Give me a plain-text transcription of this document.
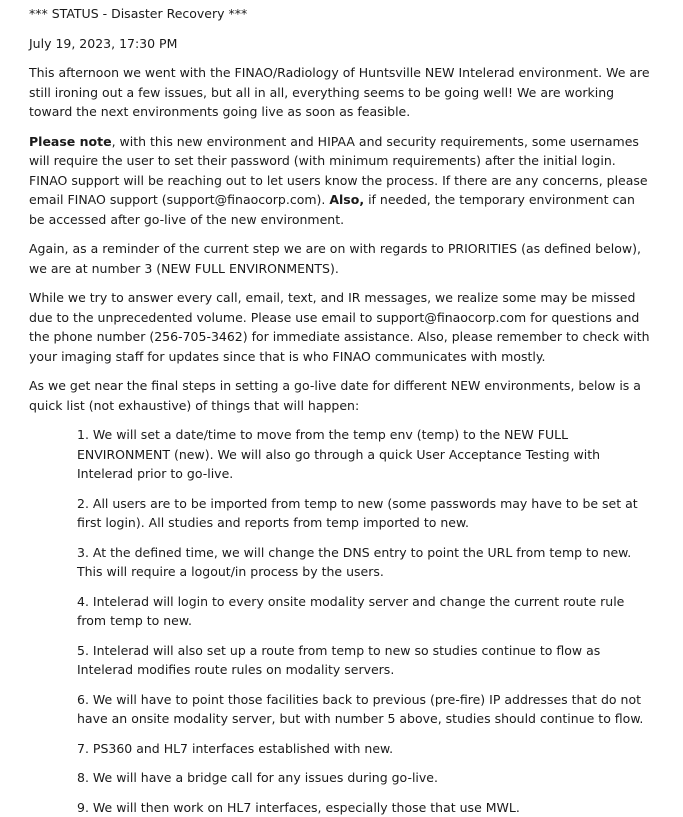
*** STATUS - Disaster Recovery ***

July 19, 2023, 17:30 PM

This afternoon we went with the FINAO/Radiology of Huntsville NEW Intelerad environment. We are still ironing out a few issues, but all in all, everything seems to be going well! We are working toward the next environments going live as soon as feasible.

Please note, with this new environment and HIPAA and security requirements, some usernames will require the user to set their password (with minimum requirements) after the initial login. FINAO support will be reaching out to let users know the process. If there are any concerns, please email FINAO support (support@finaocorp.com). Also, if needed, the temporary environment can be accessed after go-live of the new environment.

Again, as a reminder of the current step we are on with regards to PRIORITIES (as defined below), we are at number 3 (NEW FULL ENVIRONMENTS).

While we try to answer every call, email, text, and IR messages, we realize some may be missed due to the unprecedented volume. Please use email to support@finaocorp.com for questions and the phone number (256-705-3462) for immediate assistance. Also, please remember to check with your imaging staff for updates since that is who FINAO communicates with mostly.

As we get near the final steps in setting a go-live date for different NEW environments, below is a quick list (not exhaustive) of things that will happen:

1. We will set a date/time to move from the temp env (temp) to the NEW FULL ENVIRONMENT (new). We will also go through a quick User Acceptance Testing with Intelerad prior to go-live.
2. All users are to be imported from temp to new (some passwords may have to be set at first login). All studies and reports from temp imported to new.
3. At the defined time, we will change the DNS entry to point the URL from temp to new. This will require a logout/in process by the users.
4. Intelerad will login to every onsite modality server and change the current route rule from temp to new.
5. Intelerad will also set up a route from temp to new so studies continue to flow as Intelerad modifies route rules on modality servers.
6. We will have to point those facilities back to previous (pre-fire) IP addresses that do not have an onsite modality server, but with number 5 above, studies should continue to flow.
7. PS360 and HL7 interfaces established with new.
8. We will have a bridge call for any issues during go-live.
9. We will then work on HL7 interfaces, especially those that use MWL.
